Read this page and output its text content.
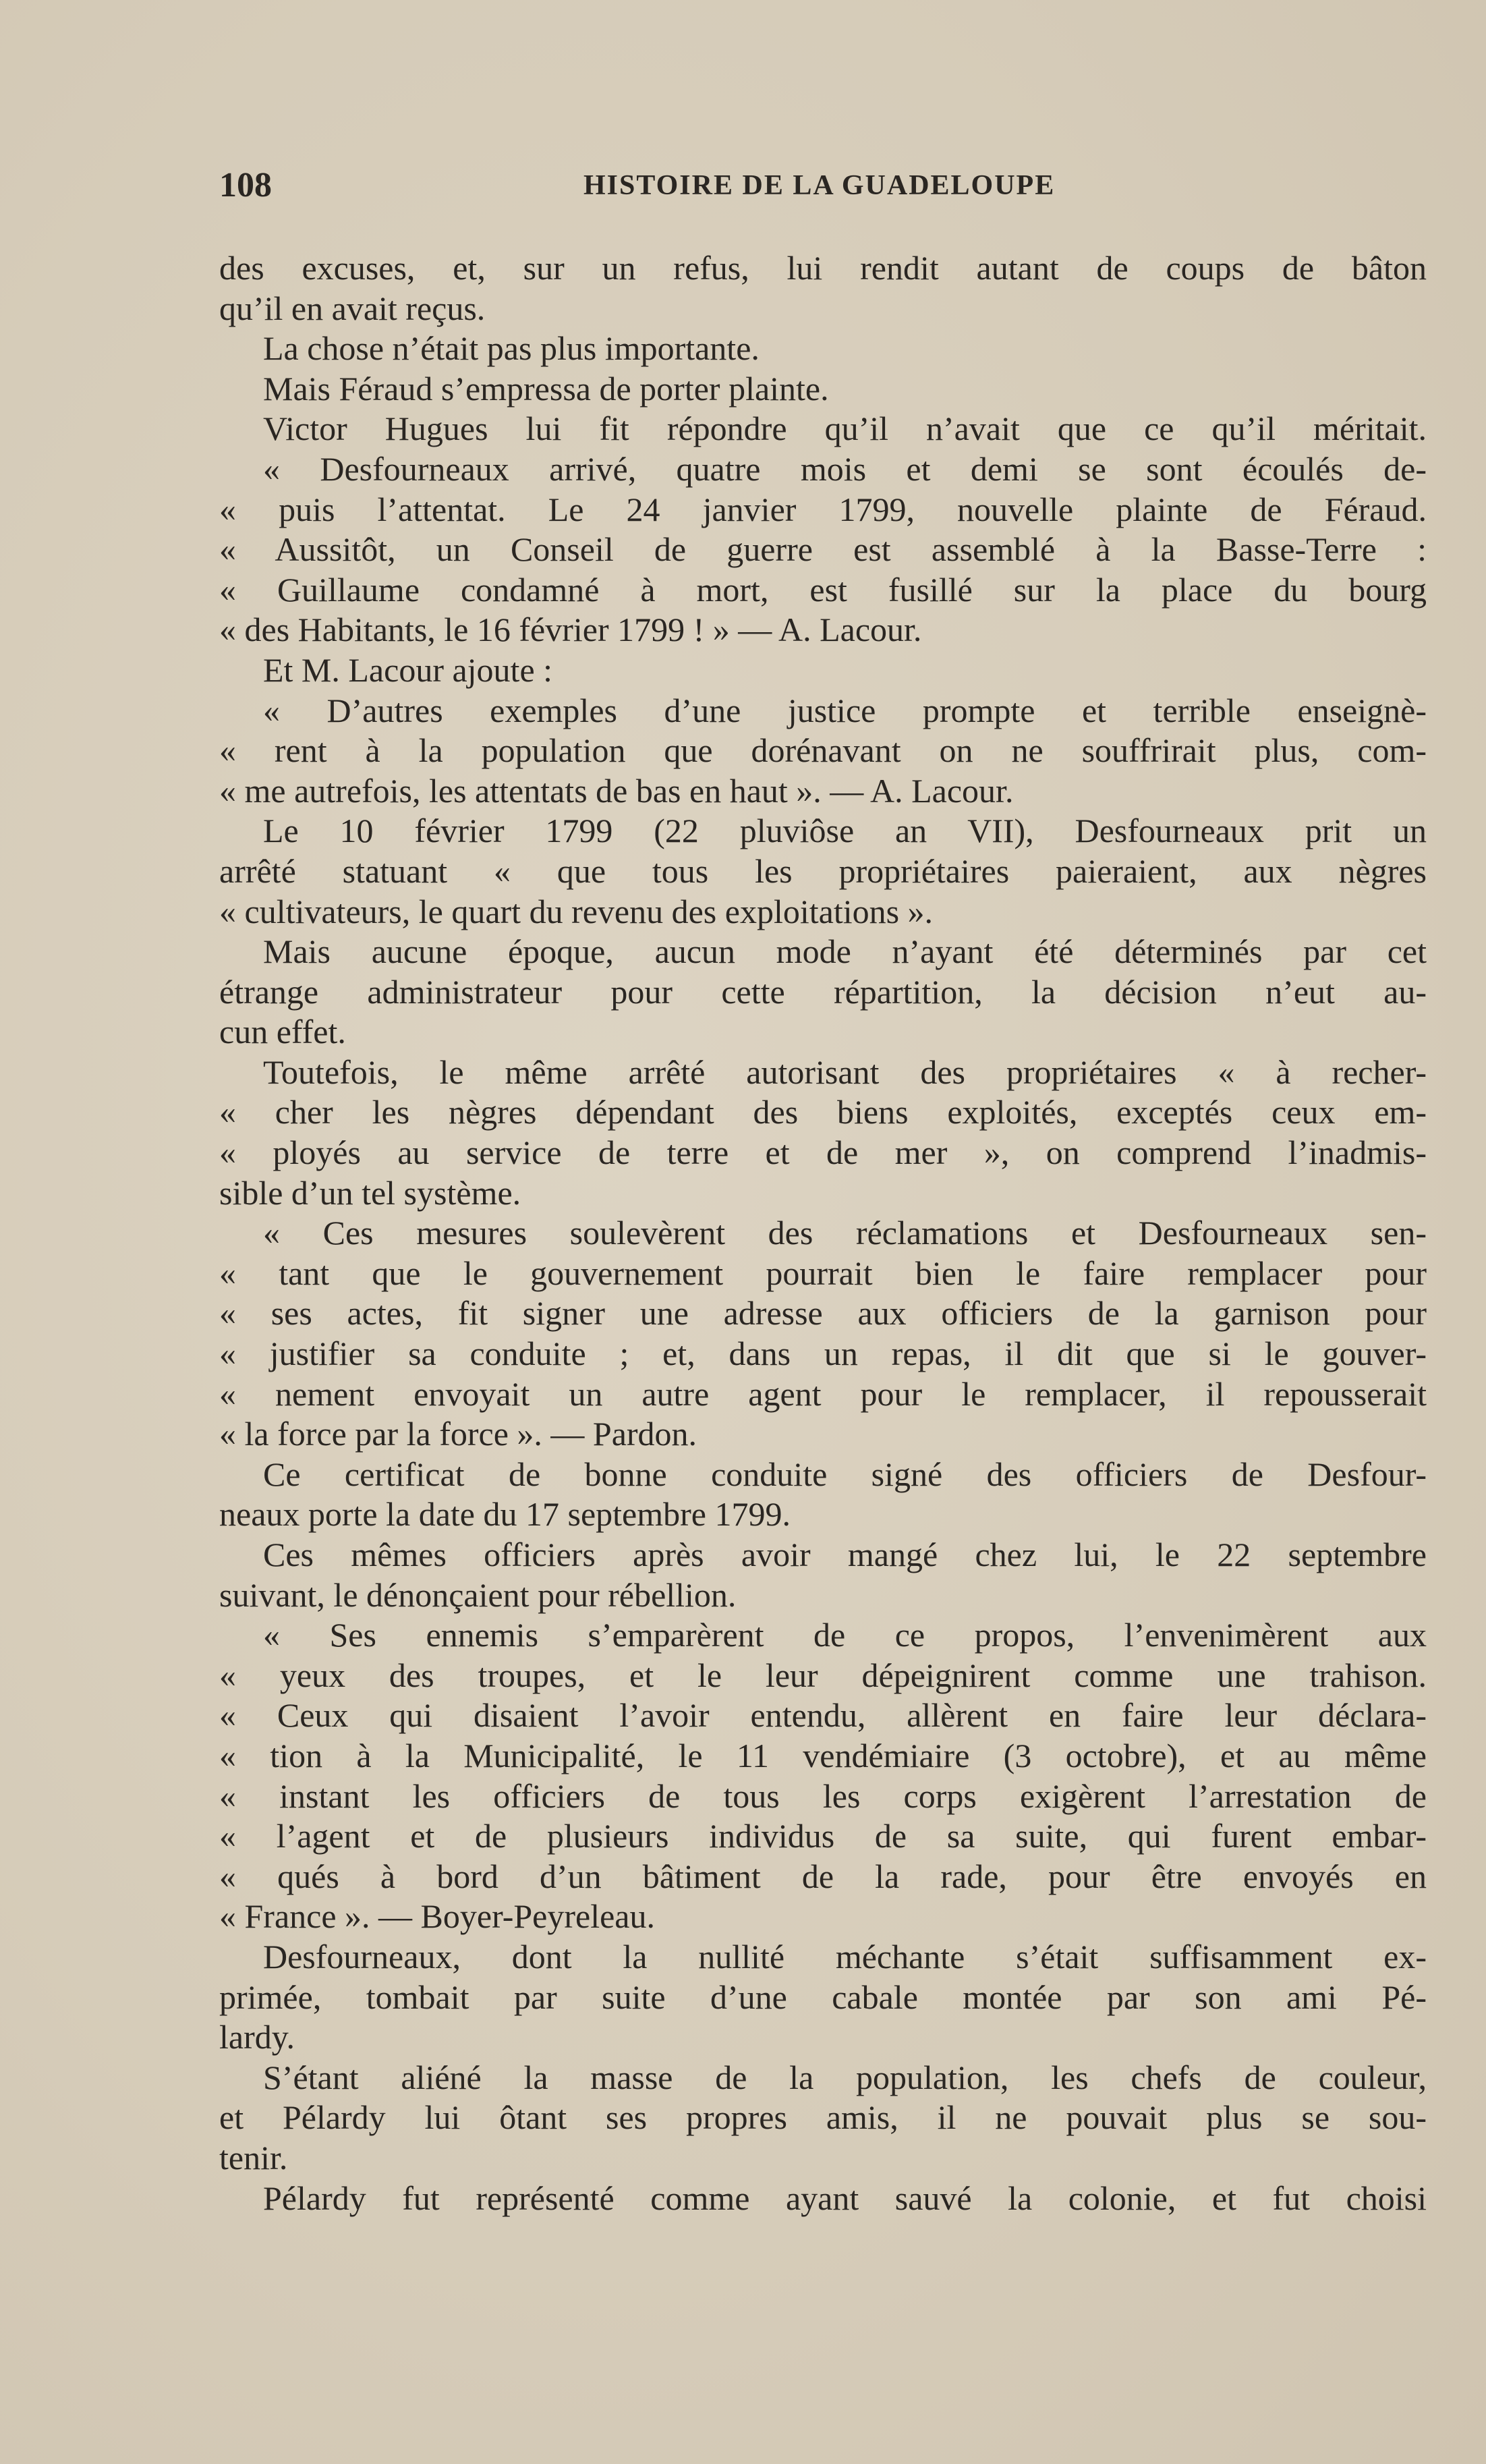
108	HISTOIRE DE LA GUADELOUPE
des excuses, et, sur un refus, lui rendit autant de coups de bâton
qu’il en avait reçus.
La chose n’était pas plus importante.
Mais Féraud s’empressa de porter plainte.
Victor Hugues lui fit répondre qu’il n’avait que ce qu’il méritait.
« Desfourneaux arrivé, quatre mois et demi se sont écoulés de-
« puis l’attentat. Le 24 janvier 1799, nouvelle plainte de Féraud.
« Aussitôt, un Conseil de guerre est assemblé à la Basse-Terre :
« Guillaume condamné à mort, est fusillé sur la place du bourg
« des Habitants, le 16 février 1799 ! » — A. Lacour.
Et M. Lacour ajoute :
« D’autres exemples d’une justice prompte et terrible enseignè-
« rent à la population que dorénavant on ne souffrirait plus, com-
« me autrefois, les attentats de bas en haut ». — A. Lacour.
Le 10 février 1799 (22 pluviôse an VII), Desfourneaux prit un
arrêté statuant « que tous les propriétaires paieraient, aux nègres
« cultivateurs, le quart du revenu des exploitations ».
Mais aucune époque, aucun mode n’ayant été déterminés par cet
étrange administrateur pour cette répartition, la décision n’eut au-
cun effet.
Toutefois, le même arrêté autorisant des propriétaires « à recher-
« cher les nègres dépendant des biens exploités, exceptés ceux em-
« ployés au service de terre et de mer », on comprend l’inadmis-
sible d’un tel système.
« Ces mesures soulevèrent des réclamations et Desfourneaux sen-
« tant que le gouvernement pourrait bien le faire remplacer pour
« ses actes, fit signer une adresse aux officiers de la garnison pour
« justifier sa conduite ; et, dans un repas, il dit que si le gouver-
« nement envoyait un autre agent pour le remplacer, il repousserait
« la force par la force ». — Pardon.
Ce certificat de bonne conduite signé des officiers de Desfour-
neaux porte la date du 17 septembre 1799.
Ces mêmes officiers après avoir mangé chez lui, le 22 septembre
suivant, le dénonçaient pour rébellion.
« Ses ennemis s’emparèrent de ce propos, l’envenimèrent aux
« yeux des troupes, et le leur dépeignirent comme une trahison.
« Ceux qui disaient l’avoir entendu, allèrent en faire leur déclara-
« tion à la Municipalité, le 11 vendémiaire (3 octobre), et au même
« instant les officiers de tous les corps exigèrent l’arrestation de
« l’agent et de plusieurs individus de sa suite, qui furent embar-
« qués à bord d’un bâtiment de la rade, pour être envoyés en
« France ». — Boyer-Peyreleau.
Desfourneaux, dont la nullité méchante s’était suffisamment ex-
primée, tombait par suite d’une cabale montée par son ami Pé-
lardy.
S’étant aliéné la masse de la population, les chefs de couleur,
et Pélardy lui ôtant ses propres amis, il ne pouvait plus se sou-
tenir.
Pélardy fut représenté comme ayant sauvé la colonie, et fut choisi
